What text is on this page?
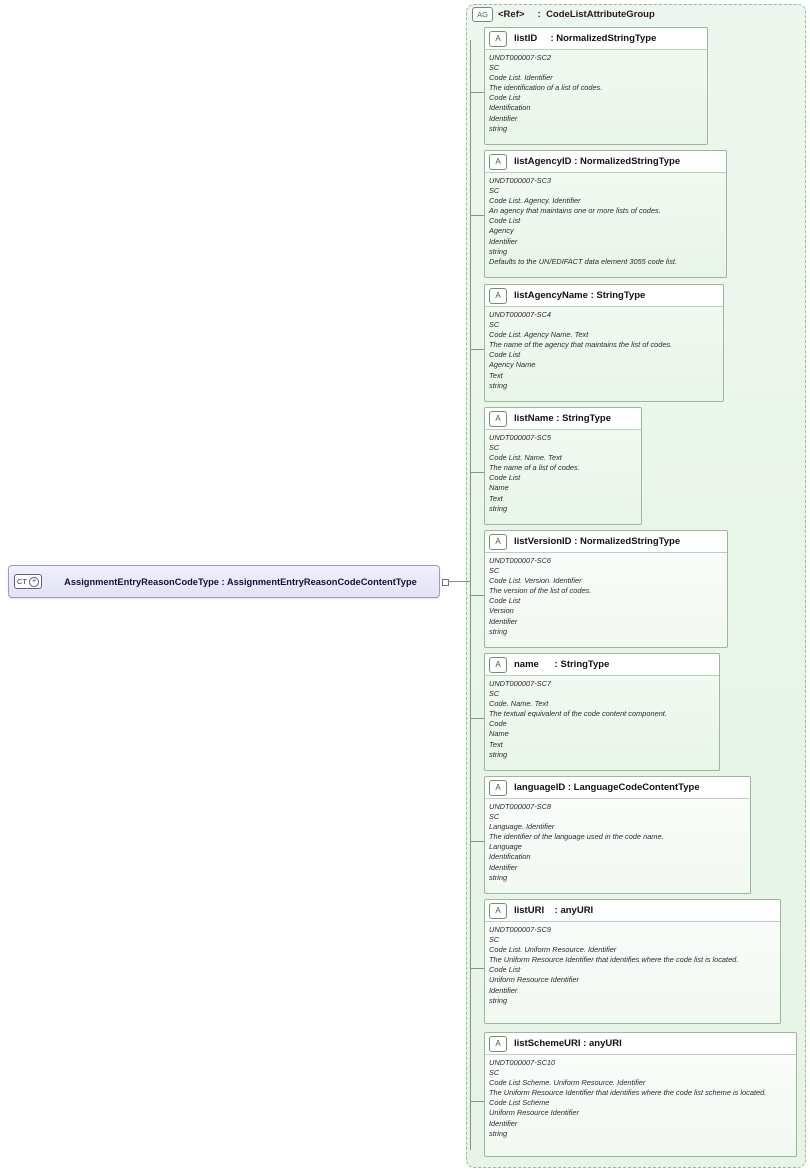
AG	<Ref> : CodeListAttributeGroup
CT +	AssignmentEntryReasonCodeType : AssignmentEntryReasonCodeContentType
A	listID : NormalizedStringType
UNDT000007-SC2
SC
Code List. Identifier
The identification of a list of codes.
Code List
Identification
Identifier
string
A	listAgencyID : NormalizedStringType
UNDT000007-SC3
SC
Code List. Agency. Identifier
An agency that maintains one or more lists of codes.
Code List
Agency
Identifier
string
Defaults to the UN/EDIFACT data element 3055 code list.
A	listAgencyName : StringType
UNDT000007-SC4
SC
Code List. Agency Name. Text
The name of the agency that maintains the list of codes.
Code List
Agency Name
Text
string
A	listName : StringType
UNDT000007-SC5
SC
Code List. Name. Text
The name of a list of codes.
Code List
Name
Text
string
A	listVersionID : NormalizedStringType
UNDT000007-SC6
SC
Code List. Version. Identifier
The version of the list of codes.
Code List
Version
Identifier
string
A	name : StringType
UNDT000007-SC7
SC
Code. Name. Text
The textual equivalent of the code content component.
Code
Name
Text
string
A	languageID : LanguageCodeContentType
UNDT000007-SC8
SC
Language. Identifier
The identifier of the language used in the code name.
Language
Identification
Identifier
string
A	listURI : anyURI
UNDT000007-SC9
SC
Code List. Uniform Resource. Identifier
The Uniform Resource Identifier that identifies where the code list is located.
Code List
Uniform Resource Identifier
Identifier
string
A	listSchemeURI : anyURI
UNDT000007-SC10
SC
Code List Scheme. Uniform Resource. Identifier
The Uniform Resource Identifier that identifies where the code list scheme is located.
Code List Scheme
Uniform Resource Identifier
Identifier
string
